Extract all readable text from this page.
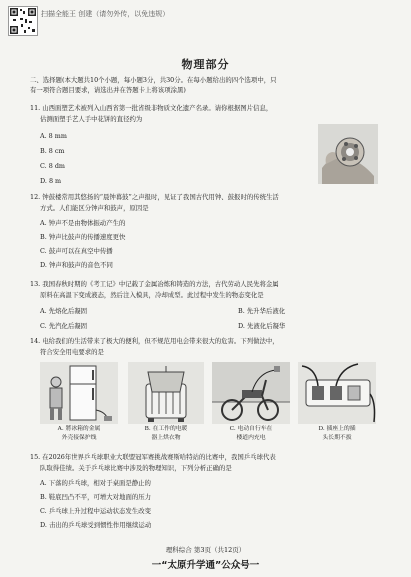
扫描全能王 创建（请勿外传，以免违规）
物理部分
二、选择题(本大题共10个小题，每小题3分，共30分。在每小题给出的四个选项中，只
有一项符合题目要求，请选出并在答题卡上将该项涂黑)
11. 山西面塑艺术被列入山西省第一批省级非物质文化遗产名录。请你根据图片信息，
估测面塑手艺人手中花饼的直径约为
A. 8 mm
B. 8 cm
C. 8 dm
D. 8 m
12. 钟鼓楼常用其悠扬的“晨钟暮鼓”之声报时，见证了我国古代用钟、鼓报时的传统生活
方式。人们能区分钟声和鼓声，原因是
A. 钟声不是由物体振动产生的
B. 钟声比鼓声的传播速度更快
C. 鼓声可以在真空中传播
D. 钟声和鼓声的音色不同
13. 我国春秋时期的《考工记》中记载了金属冶炼和铸造的方法，古代劳动人民先将金属
原料在高温下变成液态，然后注入模具，冷却成型。此过程中发生的物态变化是
A. 先熔化后凝固	B. 先升华后液化
C. 先汽化后凝固	D. 先液化后凝华
14. 电给我们的生活带来了极大的便利，但不规范用电会带来很大的危害。下列做法中，
符合安全用电要求的是
A. 將冰箱的金属
外壳接保护线
B. 在工作的电暖
器上烘衣物
C. 电动自行车在
楼道内充电
D. 插座上的插
头长期不拔
15. 在2026年世界乒乓球职业大联盟冠军赛挑战赛斯哈特站的比赛中，我国乒乓球代表
队取得佳绩。关于乒乓球比赛中涉及的物理知识，下列分析正确的是
A. 下落的乒乓球，相对于桌面是静止的
B. 鞋底凹凸不平，可增大对地面的压力
C. 乒乓球上升过程中运动状态发生改变
D. 击出的乒乓球受到惯性作用继续运动
理科综合 第3页（共12页）
一“太原升学通”公众号一
